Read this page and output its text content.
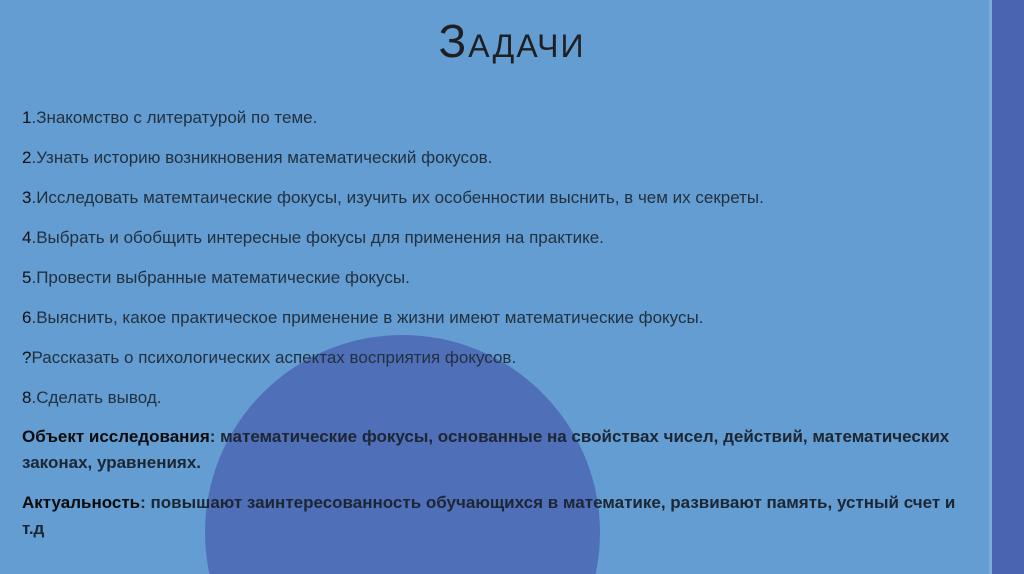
Задачи

1.Знакомство с литературой по теме.

2.Узнать историю возникновения математический фокусов.

3.Исследовать матемтаические фокусы, изучить их особенностии выснить, в чем их секреты.

4.Выбрать и обобщить интересные фокусы для применения на практике.

5.Провести выбранные математические фокусы.

6.Выяснить, какое практическое применение в жизни имеют математические фокусы.

?Рассказать о психологических аспектах восприятия фокусов.

8.Сделать вывод.

Объект исследования: математические фокусы, основанные на свойствах чисел, действий, математических законах, уравнениях.

Актуальность: повышают заинтересованность обучающихся в математике, развивают память, устный счет и т.д
